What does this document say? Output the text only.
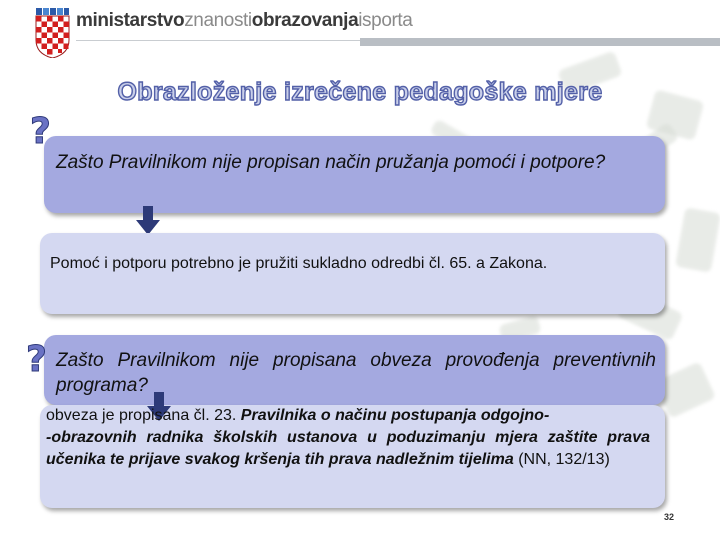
ministarstvoznanostiobrazovanjaisporta
Obrazloženje izrečene pedagoške mjere
?
Zašto Pravilnikom nije propisan način pružanja pomoći i potpore?
Pomoć i potporu potrebno je pružiti sukladno odredbi čl. 65. a Zakona.
? Zašto Pravilnikom nije propisana obveza provođenja preventivnih programa?
obveza je propisana čl. 23. Pravilnika o načinu postupanja odgojno-
-obrazovnih radnika školskih ustanova u poduzimanju mjera zaštite prava učenika te prijave svakog kršenja tih prava nadležnim tijelima (NN, 132/13)
32
